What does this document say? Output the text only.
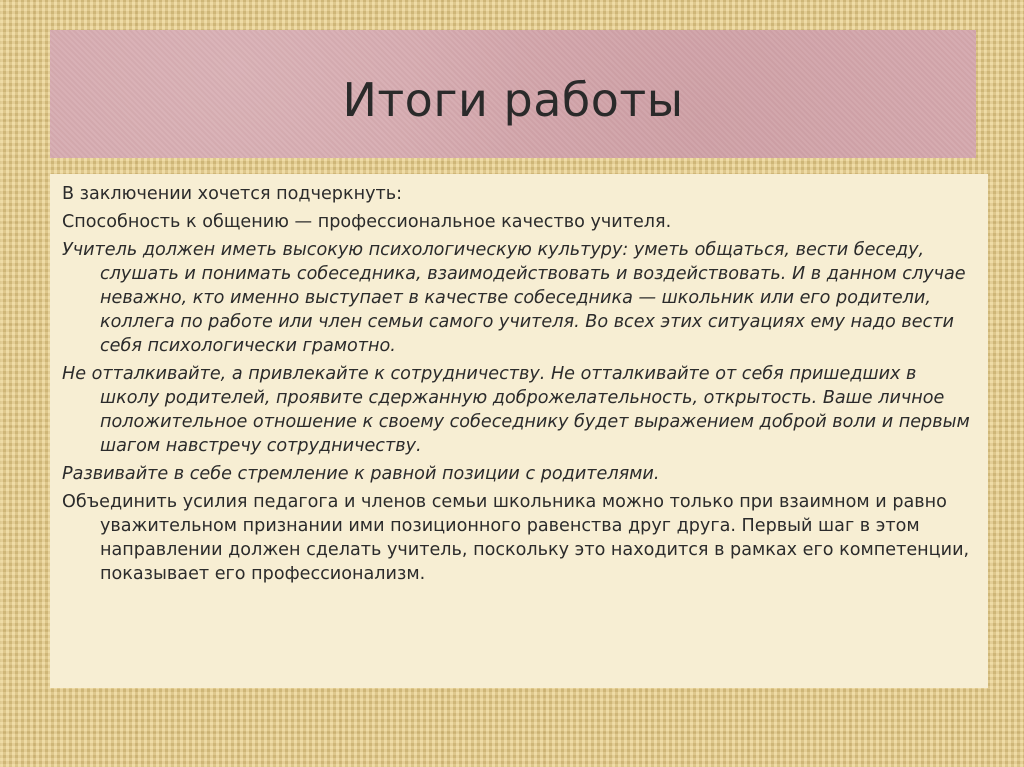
Итоги работы

В заключении хочется подчеркнуть:

Способность к общению — профессиональное качество учителя.

Учитель должен иметь высокую психологическую культуру: уметь общаться, вести беседу, слушать и понимать собеседника, взаимодействовать и воздействовать. И в данном случае неважно, кто именно выступает в качестве собеседника — школьник или его родители, коллега по работе или член семьи самого учителя. Во всех этих ситуациях ему надо вести себя психологически грамотно.

Не отталкивайте, а привлекайте к сотрудничеству. Не отталкивайте от себя пришедших в школу родителей, проявите сдержанную доброжелательность, открытость. Ваше личное положительное отношение к своему собеседнику будет выражением доброй воли и первым шагом навстречу сотрудничеству.

Развивайте в себе стремление к равной позиции с родителями.

Объединить усилия педагога и членов семьи школьника можно только при взаимном и равно уважительном признании ими позиционного равенства друг друга. Первый шаг в этом направлении должен сделать учитель, поскольку это находится в рамках его компетенции, показывает его профессионализм.
